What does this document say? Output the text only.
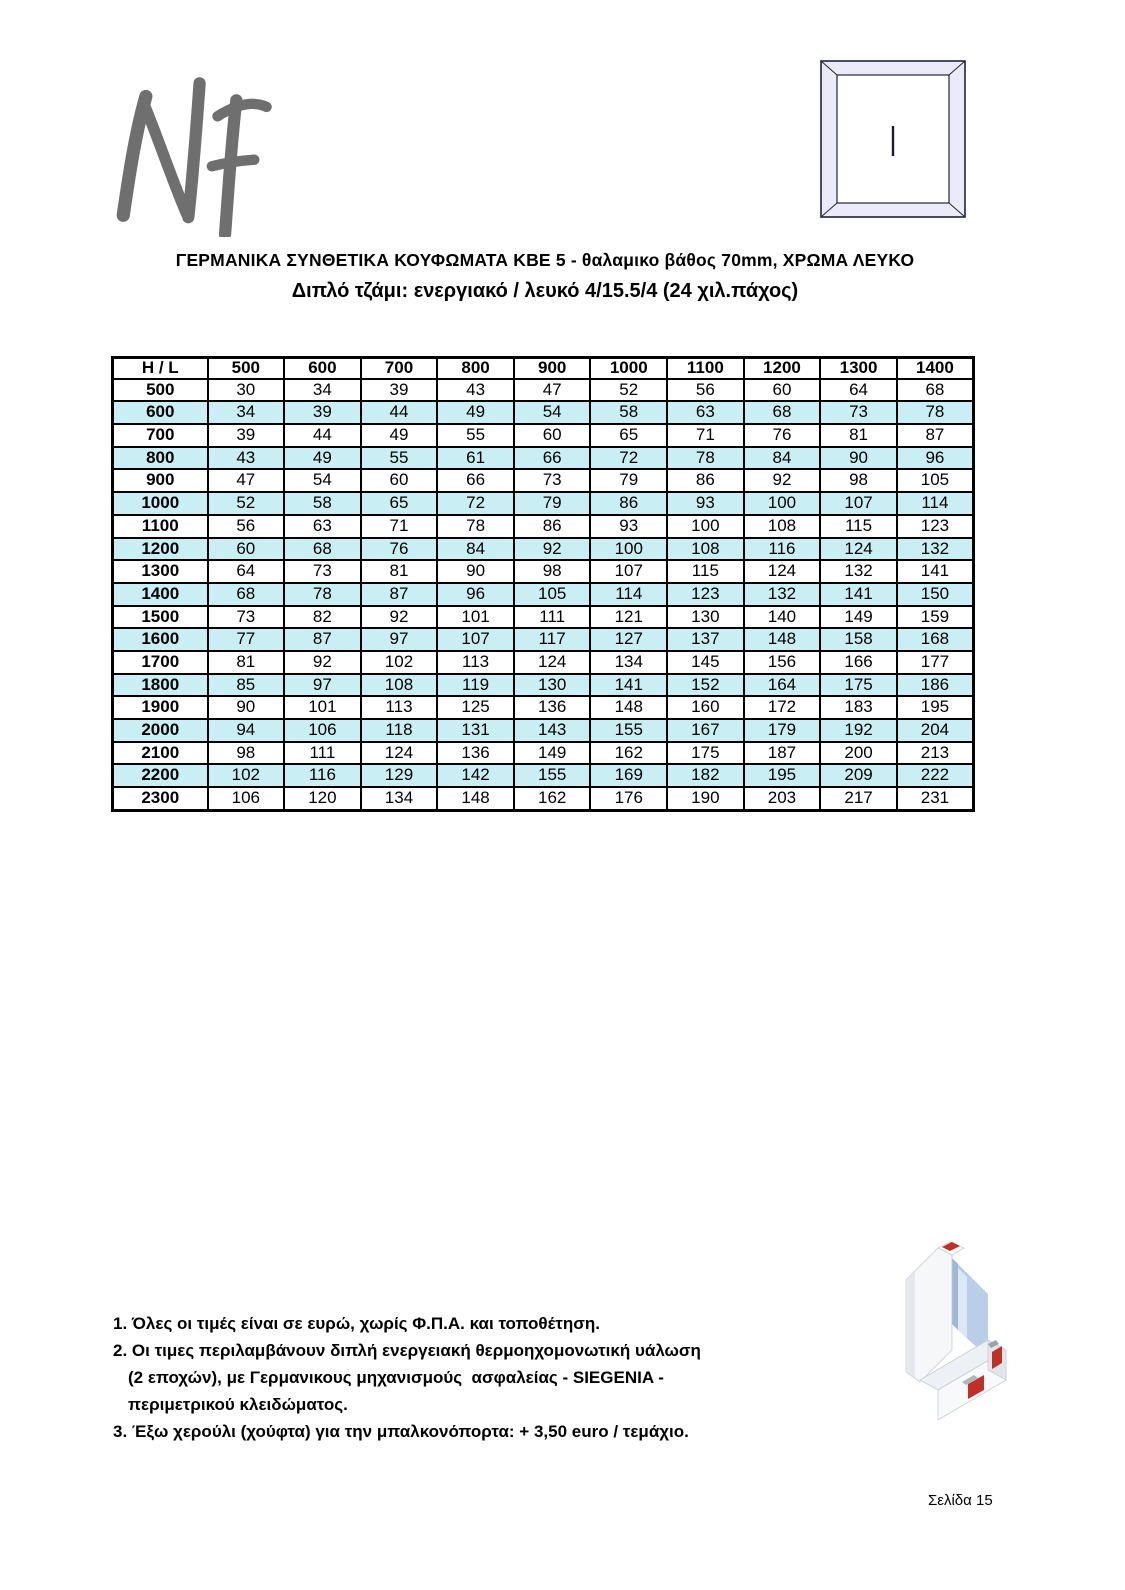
ΓΕΡΜΑΝΙΚΑ ΣΥΝΘΕΤΙΚΑ ΚΟΥΦΩΜΑΤΑ ΚΒΕ 5 - θαλαμικο βάθος 70mm, ΧΡΩΜΑ ΛΕΥΚΟ
Διπλό τζάμι: ενεργιακό / λευκό 4/15.5/4 (24 χιλ.πάχος)
H / L	500	600	700	800	900	1000	1100	1200	1300	1400
500	30	34	39	43	47	52	56	60	64	68
600	34	39	44	49	54	58	63	68	73	78
700	39	44	49	55	60	65	71	76	81	87
800	43	49	55	61	66	72	78	84	90	96
900	47	54	60	66	73	79	86	92	98	105
1000	52	58	65	72	79	86	93	100	107	114
1100	56	63	71	78	86	93	100	108	115	123
1200	60	68	76	84	92	100	108	116	124	132
1300	64	73	81	90	98	107	115	124	132	141
1400	68	78	87	96	105	114	123	132	141	150
1500	73	82	92	101	111	121	130	140	149	159
1600	77	87	97	107	117	127	137	148	158	168
1700	81	92	102	113	124	134	145	156	166	177
1800	85	97	108	119	130	141	152	164	175	186
1900	90	101	113	125	136	148	160	172	183	195
2000	94	106	118	131	143	155	167	179	192	204
2100	98	111	124	136	149	162	175	187	200	213
2200	102	116	129	142	155	169	182	195	209	222
2300	106	120	134	148	162	176	190	203	217	231
1. Όλες οι τιμές είναι σε ευρώ, χωρίς Φ.Π.Α. και τοποθέτηση.
2. Οι τιμες περιλαμβάνουν διπλή ενεργειακή θερμοηχομονωτική υάλωση
(2 εποχών), με Γερμανικους μηχανισμούς  ασφαλείας - SIEGENIA -
περιμετρικού κλειδώματος.
3. Έξω χερούλι (χούφτα) για την μπαλκονόπορτα: + 3,50 euro / τεμάχιο.
Σελίδα 15
